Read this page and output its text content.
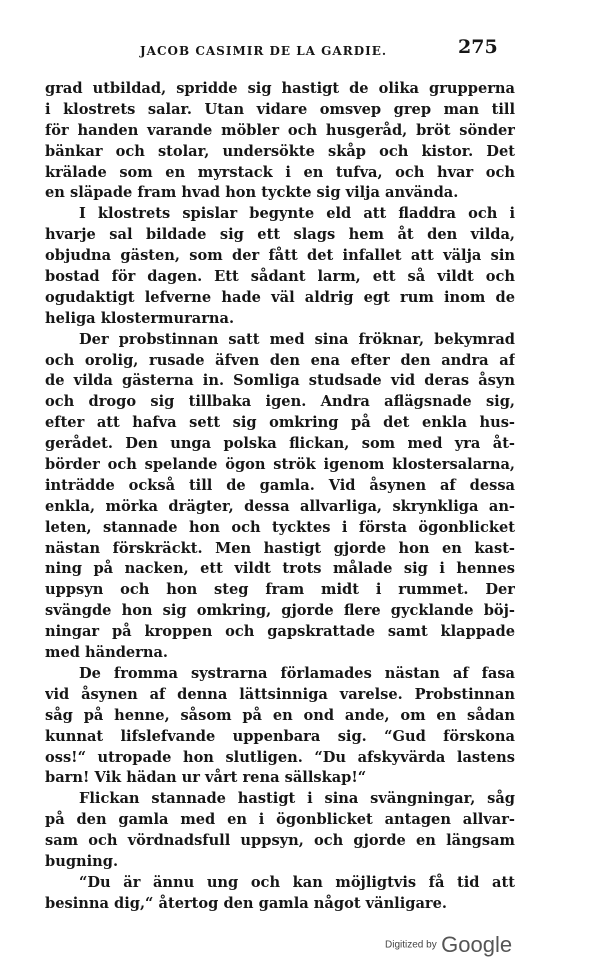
JACOB CASIMIR DE LA GARDIE.	275
grad utbildad, spridde sig hastigt de olika grupperna
i klostrets salar. Utan vidare omsvep grep man till
för handen varande möbler och husgeråd, bröt sönder
bänkar och stolar, undersökte skåp och kistor. Det
krälade som en myrstack i en tufva, och hvar och
en släpade fram hvad hon tyckte sig vilja använda.
I klostrets spislar begynte eld att fladdra och i
hvarje sal bildade sig ett slags hem åt den vilda,
objudna gästen, som der fått det infallet att välja sin
bostad för dagen. Ett sådant larm, ett så vildt och
ogudaktigt lefverne hade väl aldrig egt rum inom de
heliga klostermurarna.
Der probstinnan satt med sina fröknar, bekymrad
och orolig, rusade äfven den ena efter den andra af
de vilda gästerna in. Somliga studsade vid deras åsyn
och drogo sig tillbaka igen. Andra aflägsnade sig,
efter att hafva sett sig omkring på det enkla hus-
gerådet. Den unga polska flickan, som med yra åt-
börder och spelande ögon strök igenom klostersalarna,
inträdde också till de gamla. Vid åsynen af dessa
enkla, mörka drägter, dessa allvarliga, skrynkliga an-
leten, stannade hon och tycktes i första ögonblicket
nästan förskräckt. Men hastigt gjorde hon en kast-
ning på nacken, ett vildt trots målade sig i hennes
uppsyn och hon steg fram midt i rummet. Der
svängde hon sig omkring, gjorde flere gycklande böj-
ningar på kroppen och gapskrattade samt klappade
med händerna.
De fromma systrarna förlamades nästan af fasa
vid åsynen af denna lättsinniga varelse. Probstinnan
såg på henne, såsom på en ond ande, om en sådan
kunnat lifslefvande uppenbara sig. “Gud förskona
oss!“ utropade hon slutligen. “Du afskyvärda lastens
barn! Vik hädan ur vårt rena sällskap!“
Flickan stannade hastigt i sina svängningar, såg
på den gamla med en i ögonblicket antagen allvar-
sam och vördnadsfull uppsyn, och gjorde en längsam
bugning.
“Du är ännu ung och kan möjligtvis få tid att
besinna dig,“ återtog den gamla något vänligare.
Digitized by Google
